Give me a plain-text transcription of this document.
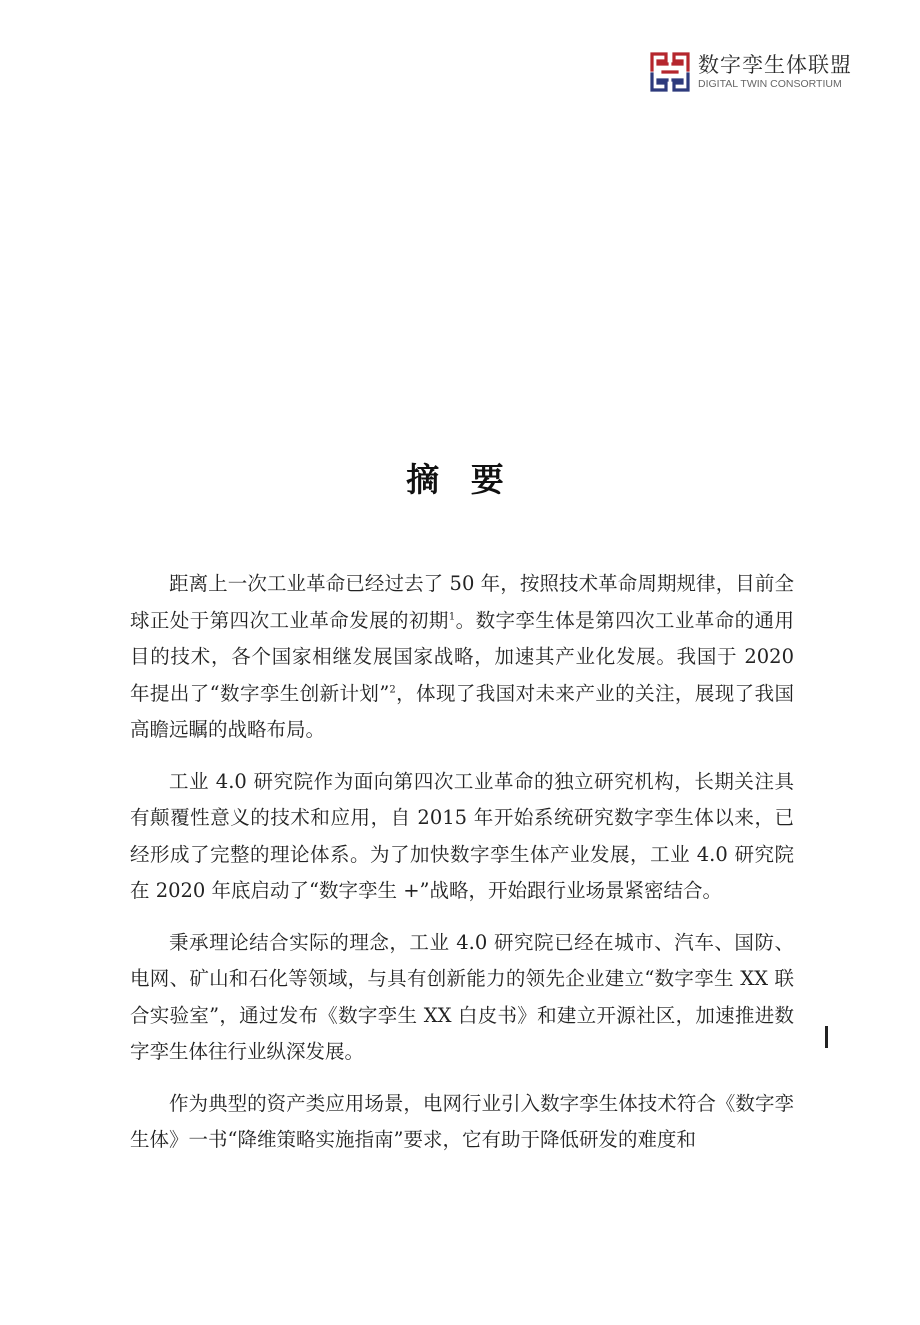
数字孪生体联盟
DIGITAL TWIN CONSORTIUM
摘 要

距离上一次工业革命已经过去了 50 年，按照技术革命周期规律，目前全球正处于第四次工业革命发展的初期$^1$。数字孪生体是第四次工业革命的通用目的技术，各个国家相继发展国家战略，加速其产业化发展。我国于 2020 年提出了“数字孪生创新计划”$^2$，体现了我国对未来产业的关注，展现了我国高瞻远瞩的战略布局。

工业 4.0 研究院作为面向第四次工业革命的独立研究机构，长期关注具有颠覆性意义的技术和应用，自 2015 年开始系统研究数字孪生体以来，已经形成了完整的理论体系。为了加快数字孪生体产业发展，工业 4.0 研究院在 2020 年底启动了“数字孪生 +”战略，开始跟行业场景紧密结合。

秉承理论结合实际的理念，工业 4.0 研究院已经在城市、汽车、国防、电网、矿山和石化等领域，与具有创新能力的领先企业建立“数字孪生 XX 联合实验室”，通过发布《数字孪生 XX 白皮书》和建立开源社区，加速推进数字孪生体往行业纵深发展。

作为典型的资产类应用场景，电网行业引入数字孪生体技术符合《数字孪生体》一书“降维策略实施指南”要求，它有助于降低研发的难度和
